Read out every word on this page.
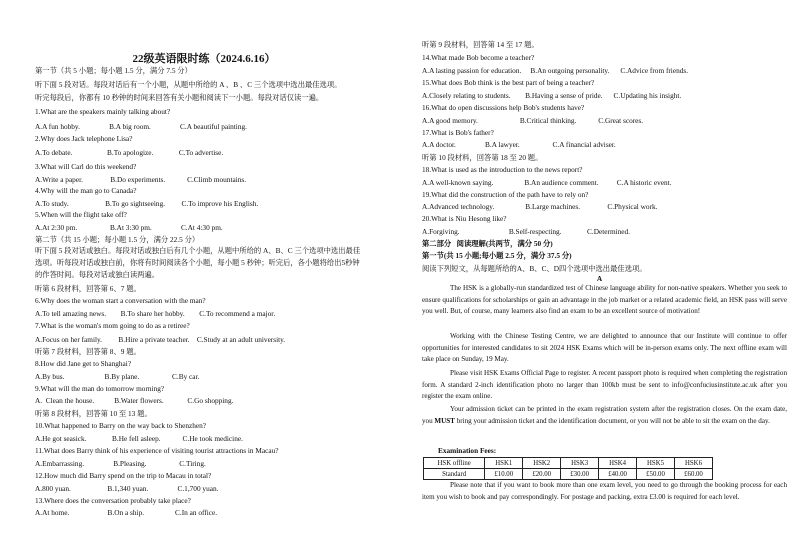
22级英语限时练（2024.6.16）
第一节（共 5 小题；每小题 1.5 分，满分 7.5 分）
听下面 5 段对话。每段对话后有一个小题，从题中所给的 A 、B 、C 三个选项中选出最佳选项。
听完每段后，你都有 10 秒钟的时间来回答有关小题和阅读下一小题。每段对话仅读一遍。
1.What are the speakers mainly talking about?
A.A fun hobby.                B.A big room.                C.A beautiful painting.
2.Why does Jack telephone Lisa?
A.To debate.                   B.To apologize.              C.To advertise.
3.What will Carl do this weekend?
A.Write a paper.               B.Do experiments.            C.Climb mountains.
4.Why will the man go to Canada?
A.To study.                    B.To go sightseeing.         C.To improve his English.
5.When will the flight take off?
A.At 2:30 pm.                  B.At 3:30 pm.                C.At 4:30 pm.
第二节（共 15 小题；每小题 1.5 分，满分 22.5 分）
听下面 5 段对话或独白。每段对话或独白后有几个小题，从题中所给的 A、B、C 三个选项中选出最佳
选项。听每段对话或独白前，你将有时间阅读各个小题，每小题 5 秒钟；听完后，各小题将给出5秒钟
的作答时间。每段对话或独白读两遍。
听第 6 段材料，回答第 6、7 题。
6.Why does the woman start a conversation with the man?
A.To tell amazing news.        B.To share her hobby.        C.To recommend a major.
7.What is the woman's mom going to do as a retiree?
A.Focus on her family.         B.Hire a private teacher.    C.Study at an adult university.
听第 7 段材料，回答第 8、9 题。
8.How did Jane get to Shanghai?
A.By bus.                      B.By plane.                  C.By car.
9.What will the man do tomorrow morning?
A.  Clean the house.           B.Water flowers.             C.Go shopping.
听第 8 段材料，回答第 10 至 13 题。
10.What happened to Barry on the way back to Shenzhen?
A.He got seasick.              B.He fell asleep.            C.He took medicine.
11.What does Barry think of his experience of visiting tourist attractions in Macau?
A.Embarrassing.                B.Pleasing.                  C.Tiring.
12.How much did Barry spend on the trip to Macau in total?
A.800 yuan.                    B.1,340 yuan.                C.1,700 yuan.
13.Where does the conversation probably take place?
A.At home.                     B.On a ship.                 C.In an office.
听第 9 段材料，回答第 14 至 17 题。
14.What made Bob become a teacher?
A.A lasting passion for education.     B.An outgoing personality.      C.Advice from friends.
15.What does Bob think is the best part of being a teacher?
A.Closely relating to students.        B.Having a sense of pride.      C.Updating his insight.
16.What do open discussions help Bob's students have?
A.A good memory.                       B.Critical thinking.            C.Great scores.
17.What is Bob's father?
A.A doctor.                B.A lawyer.                  C.A financial adviser.
听第 10 段材料，回答第 18 至 20 题。
18.What is used as the introduction to the news report?
A.A well-known saying.                 B.An audience comment.          C.A historic event.
19.What did the construction of the path have to rely on?
A.Advanced technology.                 B.Large machines.               C.Physical work.
20.What is Niu Hesong like?
A.Forgiving.                           B.Self-respecting.              C.Determined.
第二部分   阅读理解(共两节，满分 50 分)
第一节(共 15 小题;每小题 2.5 分，满分 37.5 分)
阅读下列短文，从每题所给的A、B、C、D四个选项中选出最佳选项。
A
The HSK is a globally-run standardized test of Chinese language ability for non-native speakers. Whether you seek to ensure qualifications for scholarships or gain an advantage in the job market or a related academic field, an HSK pass will serve you well. But, of course, many learners also find an exam to be an excellent source of motivation!
Working with the Chinese Testing Centre, we are delighted to announce that our Institute will continue to offer opportunities for interested candidates to sit 2024 HSK Exams which will be in-person exams only. The next offline exam will take place on Sunday, 19 May.
Please visit HSK Exams Official Page to register. A recent passport photo is required when completing the registration form. A standard 2-inch identification photo no larger than 100kb must be sent to info@confuciusinstitute.ac.uk after you register the exam online.
Your admission ticket can be printed in the exam registration system after the registration closes. On the exam date, you MUST bring your admission ticket and the identification document, or you will not be able to sit the exam on the day.
Examination Fees:
HSK offline	HSK1	HSK2	HSK3	HSK4	HSK5	HSK6
Standard	£10.00	£20.00	£30.00	£40.00	£50.00	£60.00
Please note that if you want to book more than one exam level, you need to go through the booking process for each item you wish to book and pay correspondingly. For postage and packing, extra £3.00 is required for each level.
